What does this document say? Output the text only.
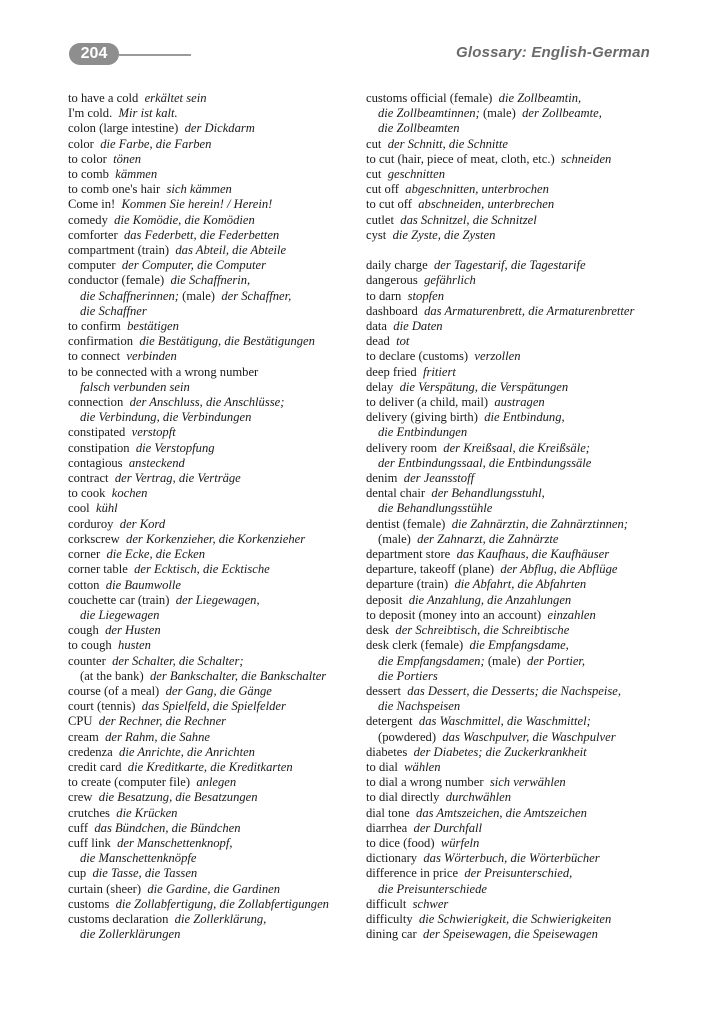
204	Glossary: English-German
to have a cold erkältet sein
I'm cold. Mir ist kalt.
colon (large intestine) der Dickdarm
color die Farbe, die Farben
to color tönen
to comb kämmen
to comb one's hair sich kämmen
Come in! Kommen Sie herein! / Herein!
comedy die Komödie, die Komödien
comforter das Federbett, die Federbetten
compartment (train) das Abteil, die Abteile
computer der Computer, die Computer
conductor (female) die Schaffnerin,
die Schaffnerinnen; (male) der Schaffner,
die Schaffner
to confirm bestätigen
confirmation die Bestätigung, die Bestätigungen
to connect verbinden
to be connected with a wrong number
falsch verbunden sein
connection der Anschluss, die Anschlüsse;
die Verbindung, die Verbindungen
constipated verstopft
constipation die Verstopfung
contagious ansteckend
contract der Vertrag, die Verträge
to cook kochen
cool kühl
corduroy der Kord
corkscrew der Korkenzieher, die Korkenzieher
corner die Ecke, die Ecken
corner table der Ecktisch, die Ecktische
cotton die Baumwolle
couchette car (train) der Liegewagen,
die Liegewagen
cough der Husten
to cough husten
counter der Schalter, die Schalter;
(at the bank) der Bankschalter, die Bankschalter
course (of a meal) der Gang, die Gänge
court (tennis) das Spielfeld, die Spielfelder
CPU der Rechner, die Rechner
cream der Rahm, die Sahne
credenza die Anrichte, die Anrichten
credit card die Kreditkarte, die Kreditkarten
to create (computer file) anlegen
crew die Besatzung, die Besatzungen
crutches die Krücken
cuff das Bündchen, die Bündchen
cuff link der Manschettenknopf,
die Manschettenknöpfe
cup die Tasse, die Tassen
curtain (sheer) die Gardine, die Gardinen
customs die Zollabfertigung, die Zollabfertigungen
customs declaration die Zollerklärung,
die Zollerklärungen
customs official (female) die Zollbeamtin,
die Zollbeamtinnen; (male) der Zollbeamte,
die Zollbeamten
cut der Schnitt, die Schnitte
to cut (hair, piece of meat, cloth, etc.) schneiden
cut geschnitten
cut off abgeschnitten, unterbrochen
to cut off abschneiden, unterbrechen
cutlet das Schnitzel, die Schnitzel
cyst die Zyste, die Zysten
daily charge der Tagestarif, die Tagestarife
dangerous gefährlich
to darn stopfen
dashboard das Armaturenbrett, die Armaturenbretter
data die Daten
dead tot
to declare (customs) verzollen
deep fried fritiert
delay die Verspätung, die Verspätungen
to deliver (a child, mail) austragen
delivery (giving birth) die Entbindung,
die Entbindungen
delivery room der Kreißsaal, die Kreißsäle;
der Entbindungssaal, die Entbindungssäle
denim der Jeansstoff
dental chair der Behandlungsstuhl,
die Behandlungsstühle
dentist (female) die Zahnärztin, die Zahnärztinnen;
(male) der Zahnarzt, die Zahnärzte
department store das Kaufhaus, die Kaufhäuser
departure, takeoff (plane) der Abflug, die Abflüge
departure (train) die Abfahrt, die Abfahrten
deposit die Anzahlung, die Anzahlungen
to deposit (money into an account) einzahlen
desk der Schreibtisch, die Schreibtische
desk clerk (female) die Empfangsdame,
die Empfangsdamen; (male) der Portier,
die Portiers
dessert das Dessert, die Desserts; die Nachspeise,
die Nachspeisen
detergent das Waschmittel, die Waschmittel;
(powdered) das Waschpulver, die Waschpulver
diabetes der Diabetes; die Zuckerkrankheit
to dial wählen
to dial a wrong number sich verwählen
to dial directly durchwählen
dial tone das Amtszeichen, die Amtszeichen
diarrhea der Durchfall
to dice (food) würfeln
dictionary das Wörterbuch, die Wörterbücher
difference in price der Preisunterschied,
die Preisunterschiede
difficult schwer
difficulty die Schwierigkeit, die Schwierigkeiten
dining car der Speisewagen, die Speisewagen
